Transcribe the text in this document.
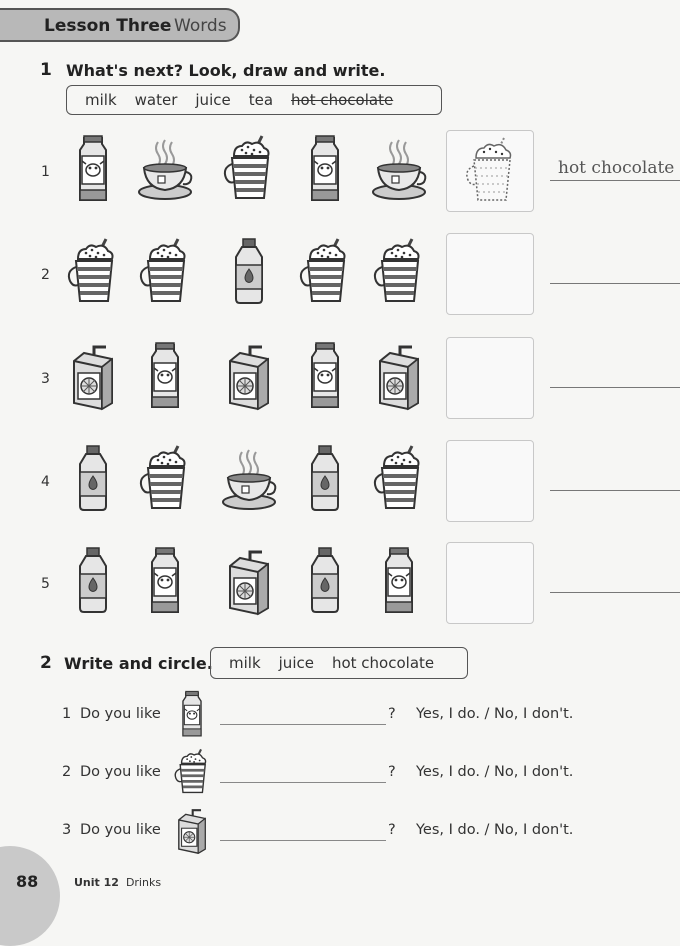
Lesson Three Words
1 What's next? Look, draw and write.
milk water juice tea hot chocolate
1	hot chocolate
2
3
4
5
2 Write and circle. milk juice hot chocolate
1 Do you like	? Yes, I do. / No, I don't.
2 Do you like	? Yes, I do. / No, I don't.
3 Do you like	? Yes, I do. / No, I don't.
88	Unit 12 Drinks
